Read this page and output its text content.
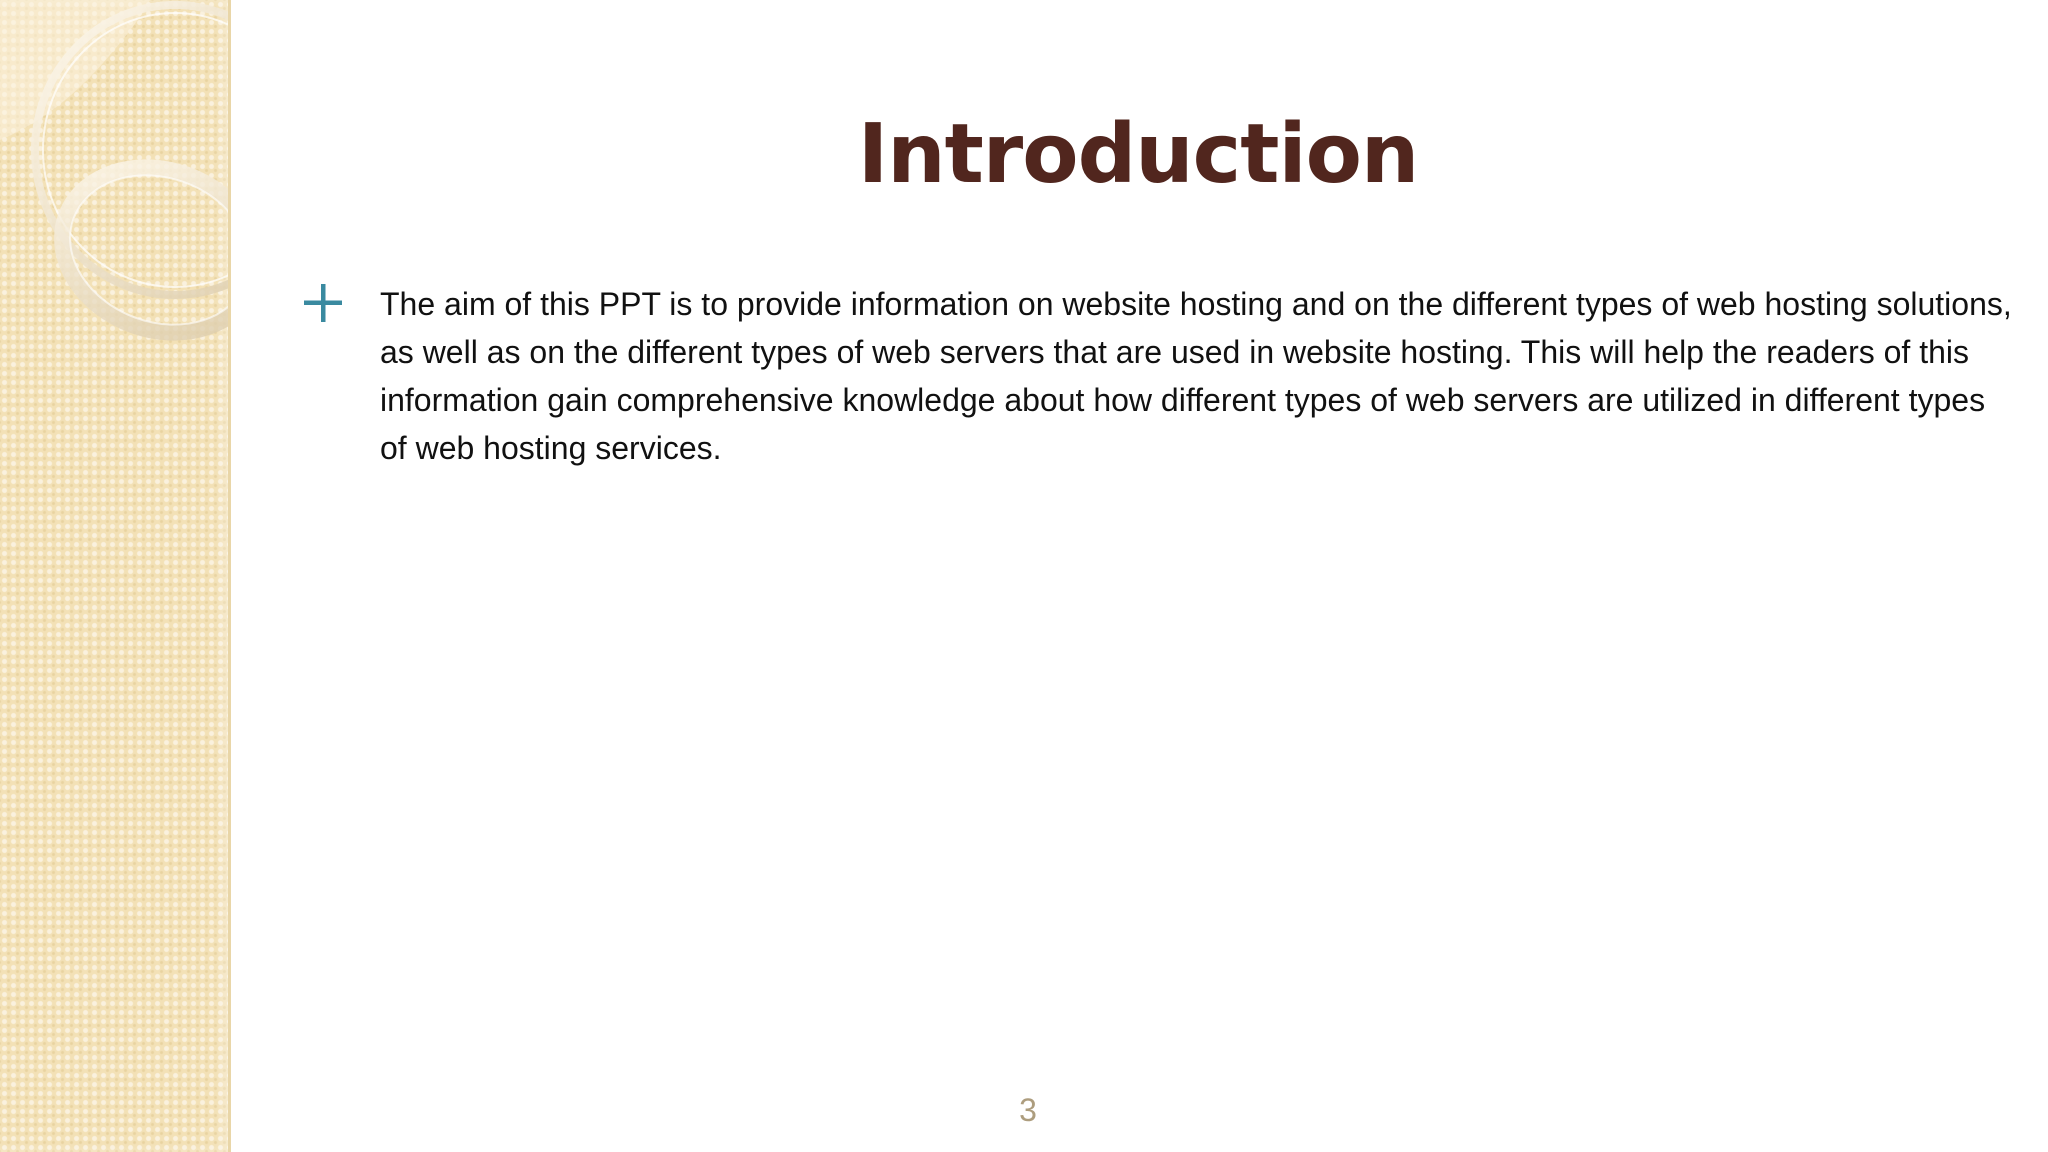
Introduction

The aim of this PPT is to provide information on website hosting and on the different types of web hosting solutions, as well as on the different types of web servers that are used in website hosting. This will help the readers of this information gain comprehensive knowledge about how different types of web servers are utilized in different types of web hosting services.

3
